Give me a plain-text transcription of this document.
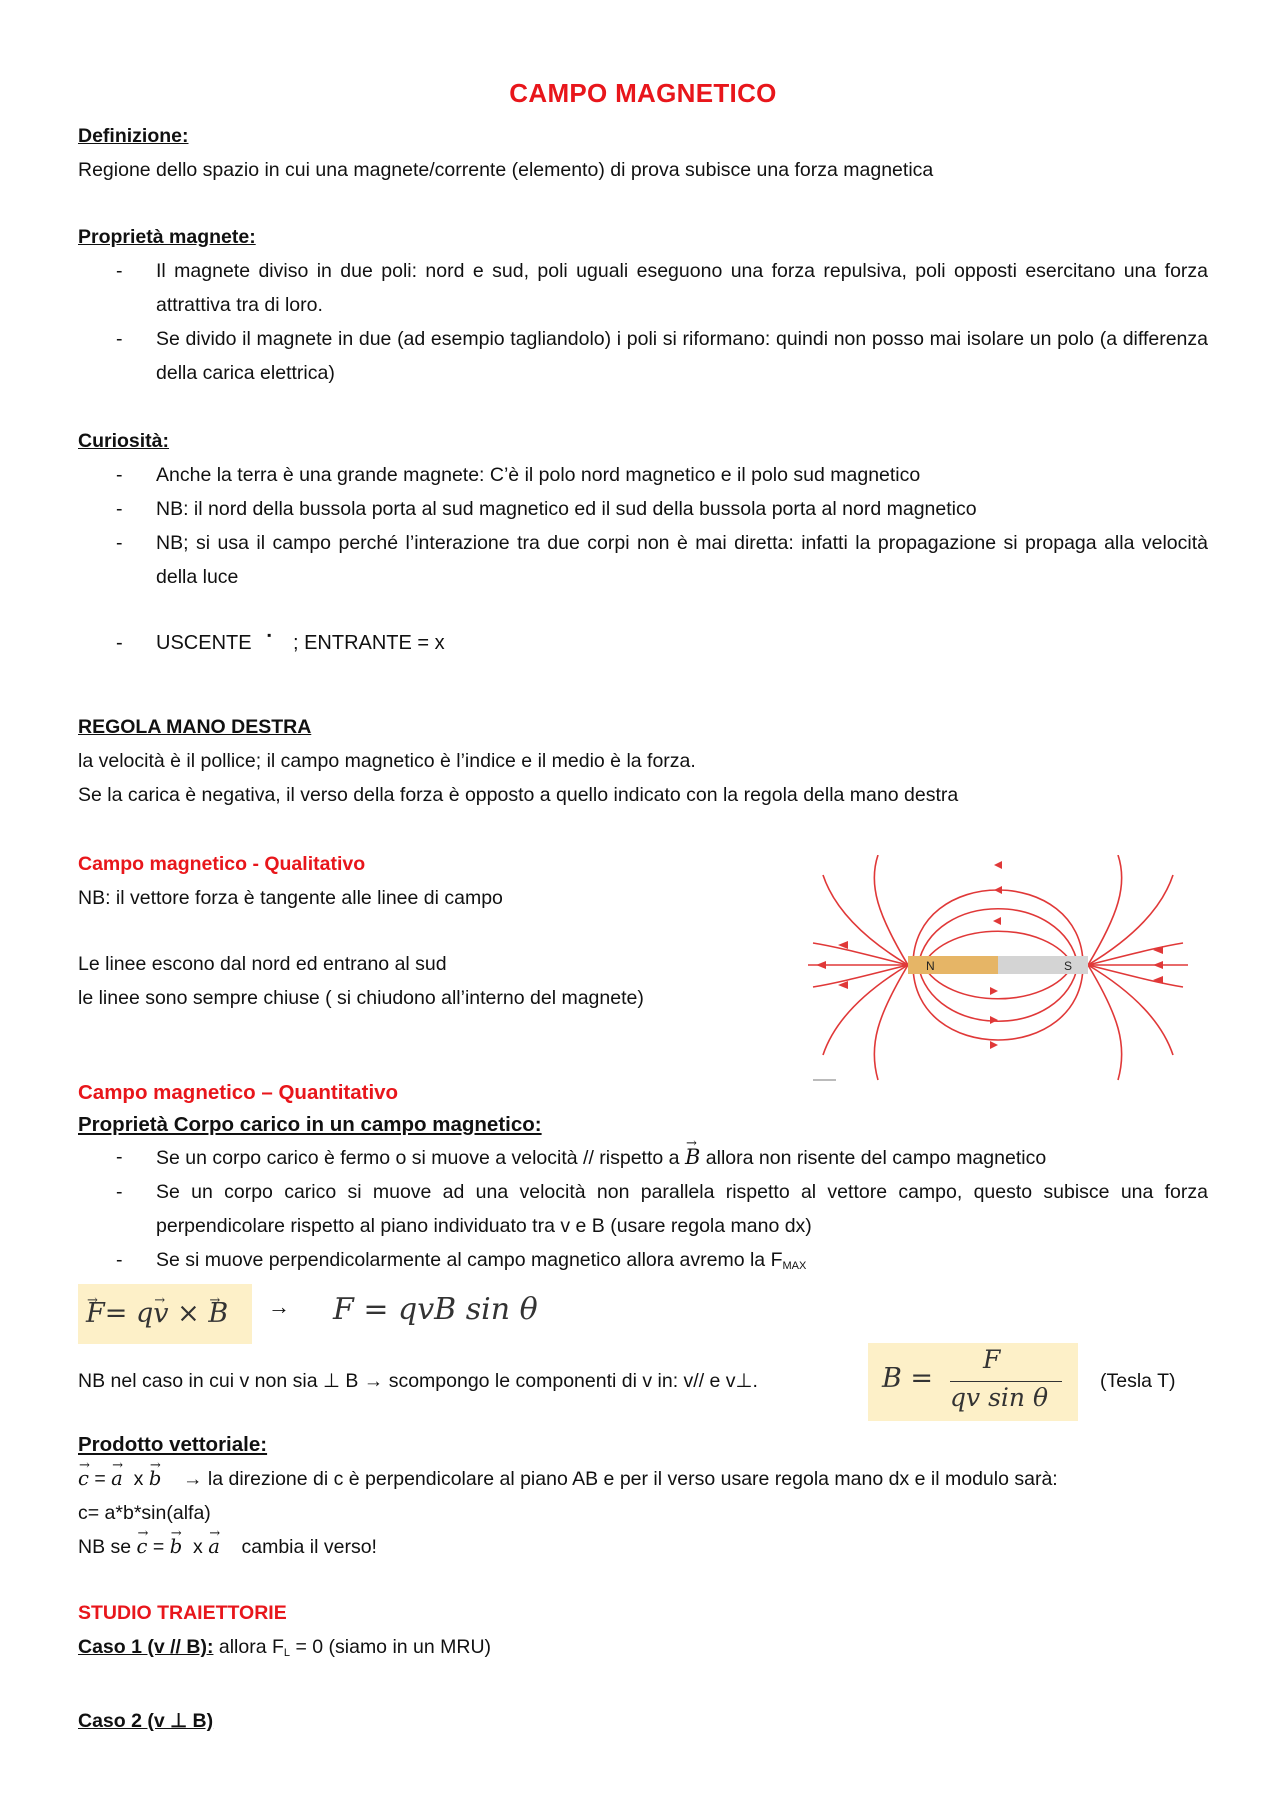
CAMPO MAGNETICO
Definizione:
Regione dello spazio in cui una magnete/corrente (elemento) di prova subisce una forza magnetica
Proprietà magnete:
- Il magnete diviso in due poli: nord e sud, poli uguali eseguono una forza repulsiva, poli opposti esercitano una forza attrattiva tra di loro.
- Se divido il magnete in due (ad esempio tagliandolo) i poli si riformano: quindi non posso mai isolare un polo (a differenza della carica elettrica)
Curiosità:
- Anche la terra è una grande magnete: C’è il polo nord magnetico e il polo sud magnetico
- NB: il nord della bussola porta al sud magnetico ed il sud della bussola porta al nord magnetico
- NB; si usa il campo perché l’interazione tra due corpi non è mai diretta: infatti la propagazione si propaga alla velocità della luce
- USCENTE ▪ ; ENTRANTE = x
REGOLA MANO DESTRA
la velocità è il pollice; il campo magnetico è l’indice e il medio è la forza.
Se la carica è negativa, il verso della forza è opposto a quello indicato con la regola della mano destra
Campo magnetico - Qualitativo
NB: il vettore forza è tangente alle linee di campo
Le linee escono dal nord ed entrano al sud
le linee sono sempre chiuse ( si chiudono all’interno del magnete)
N	S
Campo magnetico – Quantitativo
Proprietà Corpo carico in un campo magnetico:
- Se un corpo carico è fermo o si muove a velocità // rispetto a → B allora non risente del campo magnetico
- Se un corpo carico si muove ad una velocità non parallela rispetto al vettore campo, questo subisce una forza perpendicolare rispetto al piano individuato tra v e B (usare regola mano dx)
- Se si muove perpendicolarmente al campo magnetico allora avremo la $F_{MAX}$
→ F= q→ v × → B	→ F = qvB sin θ
NB nel caso in cui v non sia ⊥ B → scompongo le componenti di v in: v// e v⊥.	B =
F
qv sin θ
(Tesla T)
Prodotto vettoriale:
→ c = → a x → b → la direzione di c è perpendicolare al piano AB e per il verso usare regola mano dx e il modulo sarà:
c= a*b*sin(alfa)
NB se → c = → b x → a cambia il verso!
STUDIO TRAIETTORIE
Caso 1 (v // B): allora $F_L = 0$ (siamo in un MRU)
Caso 2 (v ⊥ B)
